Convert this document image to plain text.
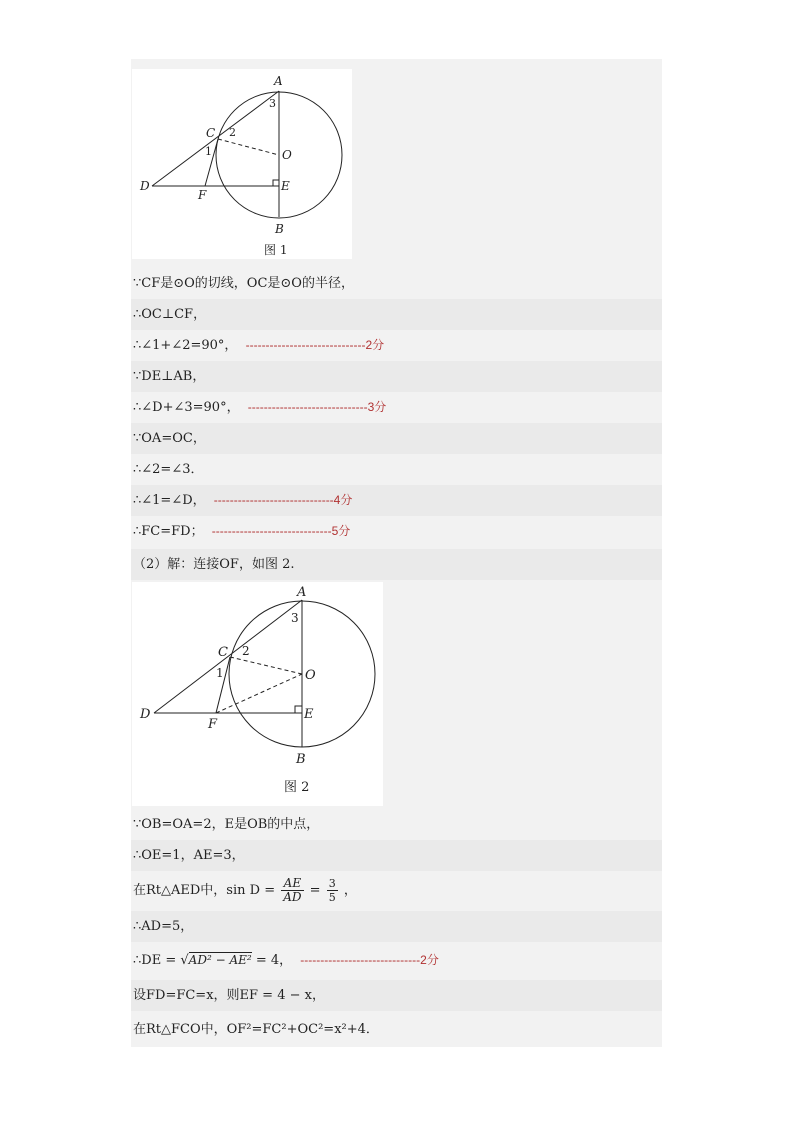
A
B
C
D	E
F
O
1
2
3
图 1
∵CF是⊙O的切线，OC是⊙O的半径，
∴OC⊥CF，
∴∠1+∠2=90°， ------------------------------2分
∵DE⊥AB，
∴∠D+∠3=90°， ------------------------------3分
∵OA=OC，
∴∠2=∠3．
∴∠1=∠D， ------------------------------4分
∴FC=FD； ------------------------------5分
（2）解：连接OF，如图 2.
A
B
C
D	E
F
O
1
2
3
图 2
∵OB=OA=2，E是OB的中点，
∴OE=1，AE=3，
在Rt△AED中，$\sin D = \frac{AE}{AD} = \frac{3}{5}$ ，
∴AD=5，
∴DE = √AD² − AE² = 4， ------------------------------2分
设FD=FC=x，则EF = 4 − x，
在Rt△FCO中，OF²=FC²+OC²=x²+4．
